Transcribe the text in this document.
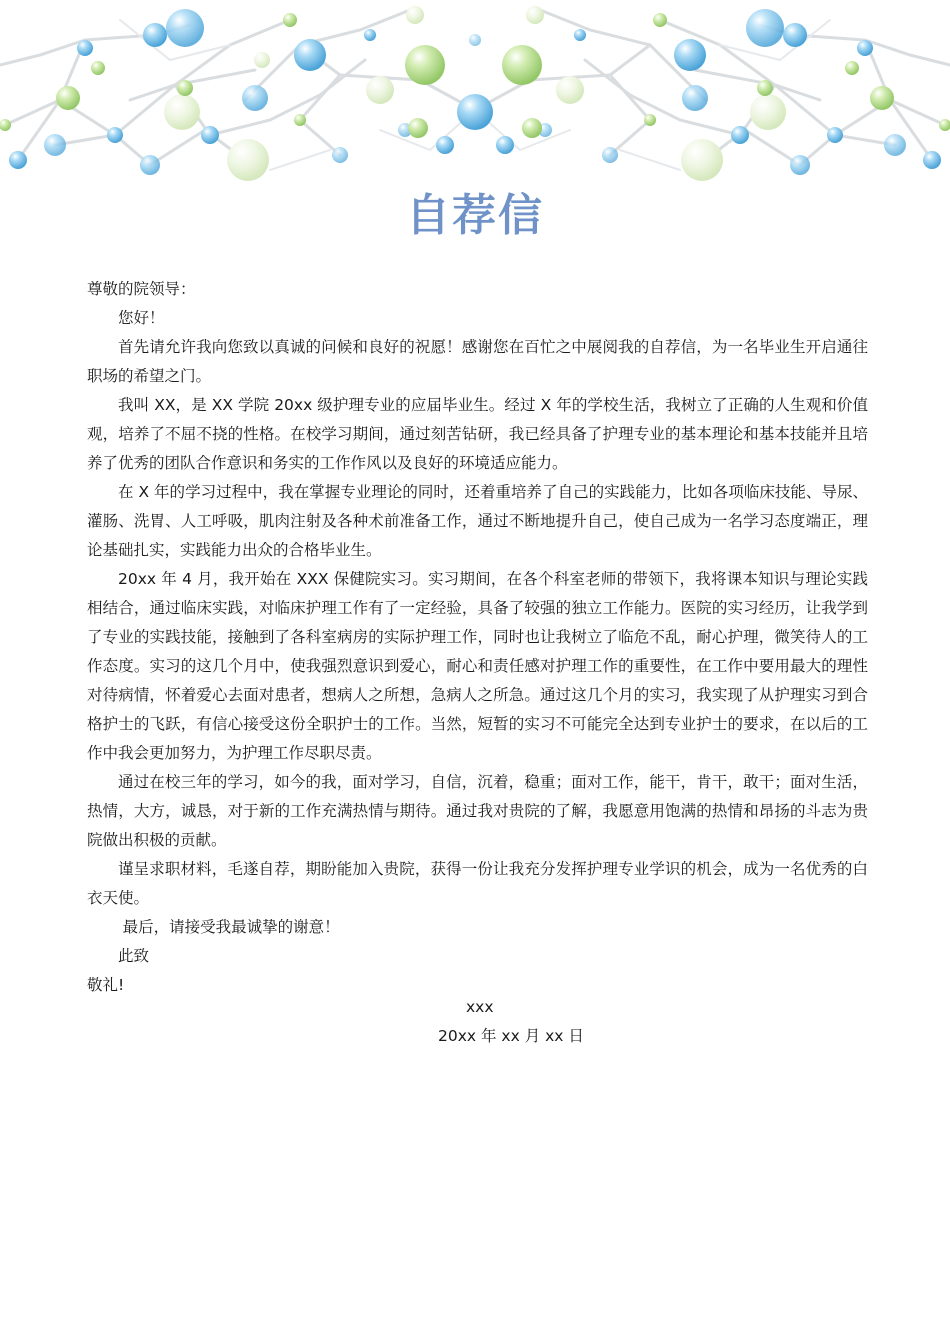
自荐信

尊敬的院领导：

您好！

首先请允许我向您致以真诚的问候和良好的祝愿！感谢您在百忙之中展阅我的自荐信，为一名毕业生开启通往职场的希望之门。

我叫 XX，是 XX 学院 20xx 级护理专业的应届毕业生。经过 X 年的学校生活，我树立了正确的人生观和价值观，培养了不屈不挠的性格。在校学习期间，通过刻苦钻研，我已经具备了护理专业的基本理论和基本技能并且培养了优秀的团队合作意识和务实的工作作风以及良好的环境适应能力。

在 X 年的学习过程中，我在掌握专业理论的同时，还着重培养了自己的实践能力，比如各项临床技能、导尿、灌肠、洗胃、人工呼吸，肌肉注射及各种术前准备工作，通过不断地提升自己，使自己成为一名学习态度端正，理论基础扎实，实践能力出众的合格毕业生。

20xx 年 4 月，我开始在 XXX 保健院实习。实习期间，在各个科室老师的带领下，我将课本知识与理论实践相结合，通过临床实践，对临床护理工作有了一定经验，具备了较强的独立工作能力。医院的实习经历，让我学到了专业的实践技能，接触到了各科室病房的实际护理工作，同时也让我树立了临危不乱，耐心护理，微笑待人的工作态度。实习的这几个月中，使我强烈意识到爱心，耐心和责任感对护理工作的重要性，在工作中要用最大的理性对待病情，怀着爱心去面对患者，想病人之所想，急病人之所急。通过这几个月的实习，我实现了从护理实习到合格护士的飞跃，有信心接受这份全职护士的工作。当然，短暂的实习不可能完全达到专业护士的要求，在以后的工作中我会更加努力，为护理工作尽职尽责。

通过在校三年的学习，如今的我，面对学习，自信，沉着，稳重；面对工作，能干，肯干，敢干；面对生活，热情，大方，诚恳，对于新的工作充满热情与期待。通过我对贵院的了解，我愿意用饱满的热情和昂扬的斗志为贵院做出积极的贡献。

谨呈求职材料，毛遂自荐，期盼能加入贵院，获得一份让我充分发挥护理专业学识的机会，成为一名优秀的白衣天使。

最后，请接受我最诚挚的谢意！

此致

敬礼!

xxx
20xx 年 xx 月 xx 日
